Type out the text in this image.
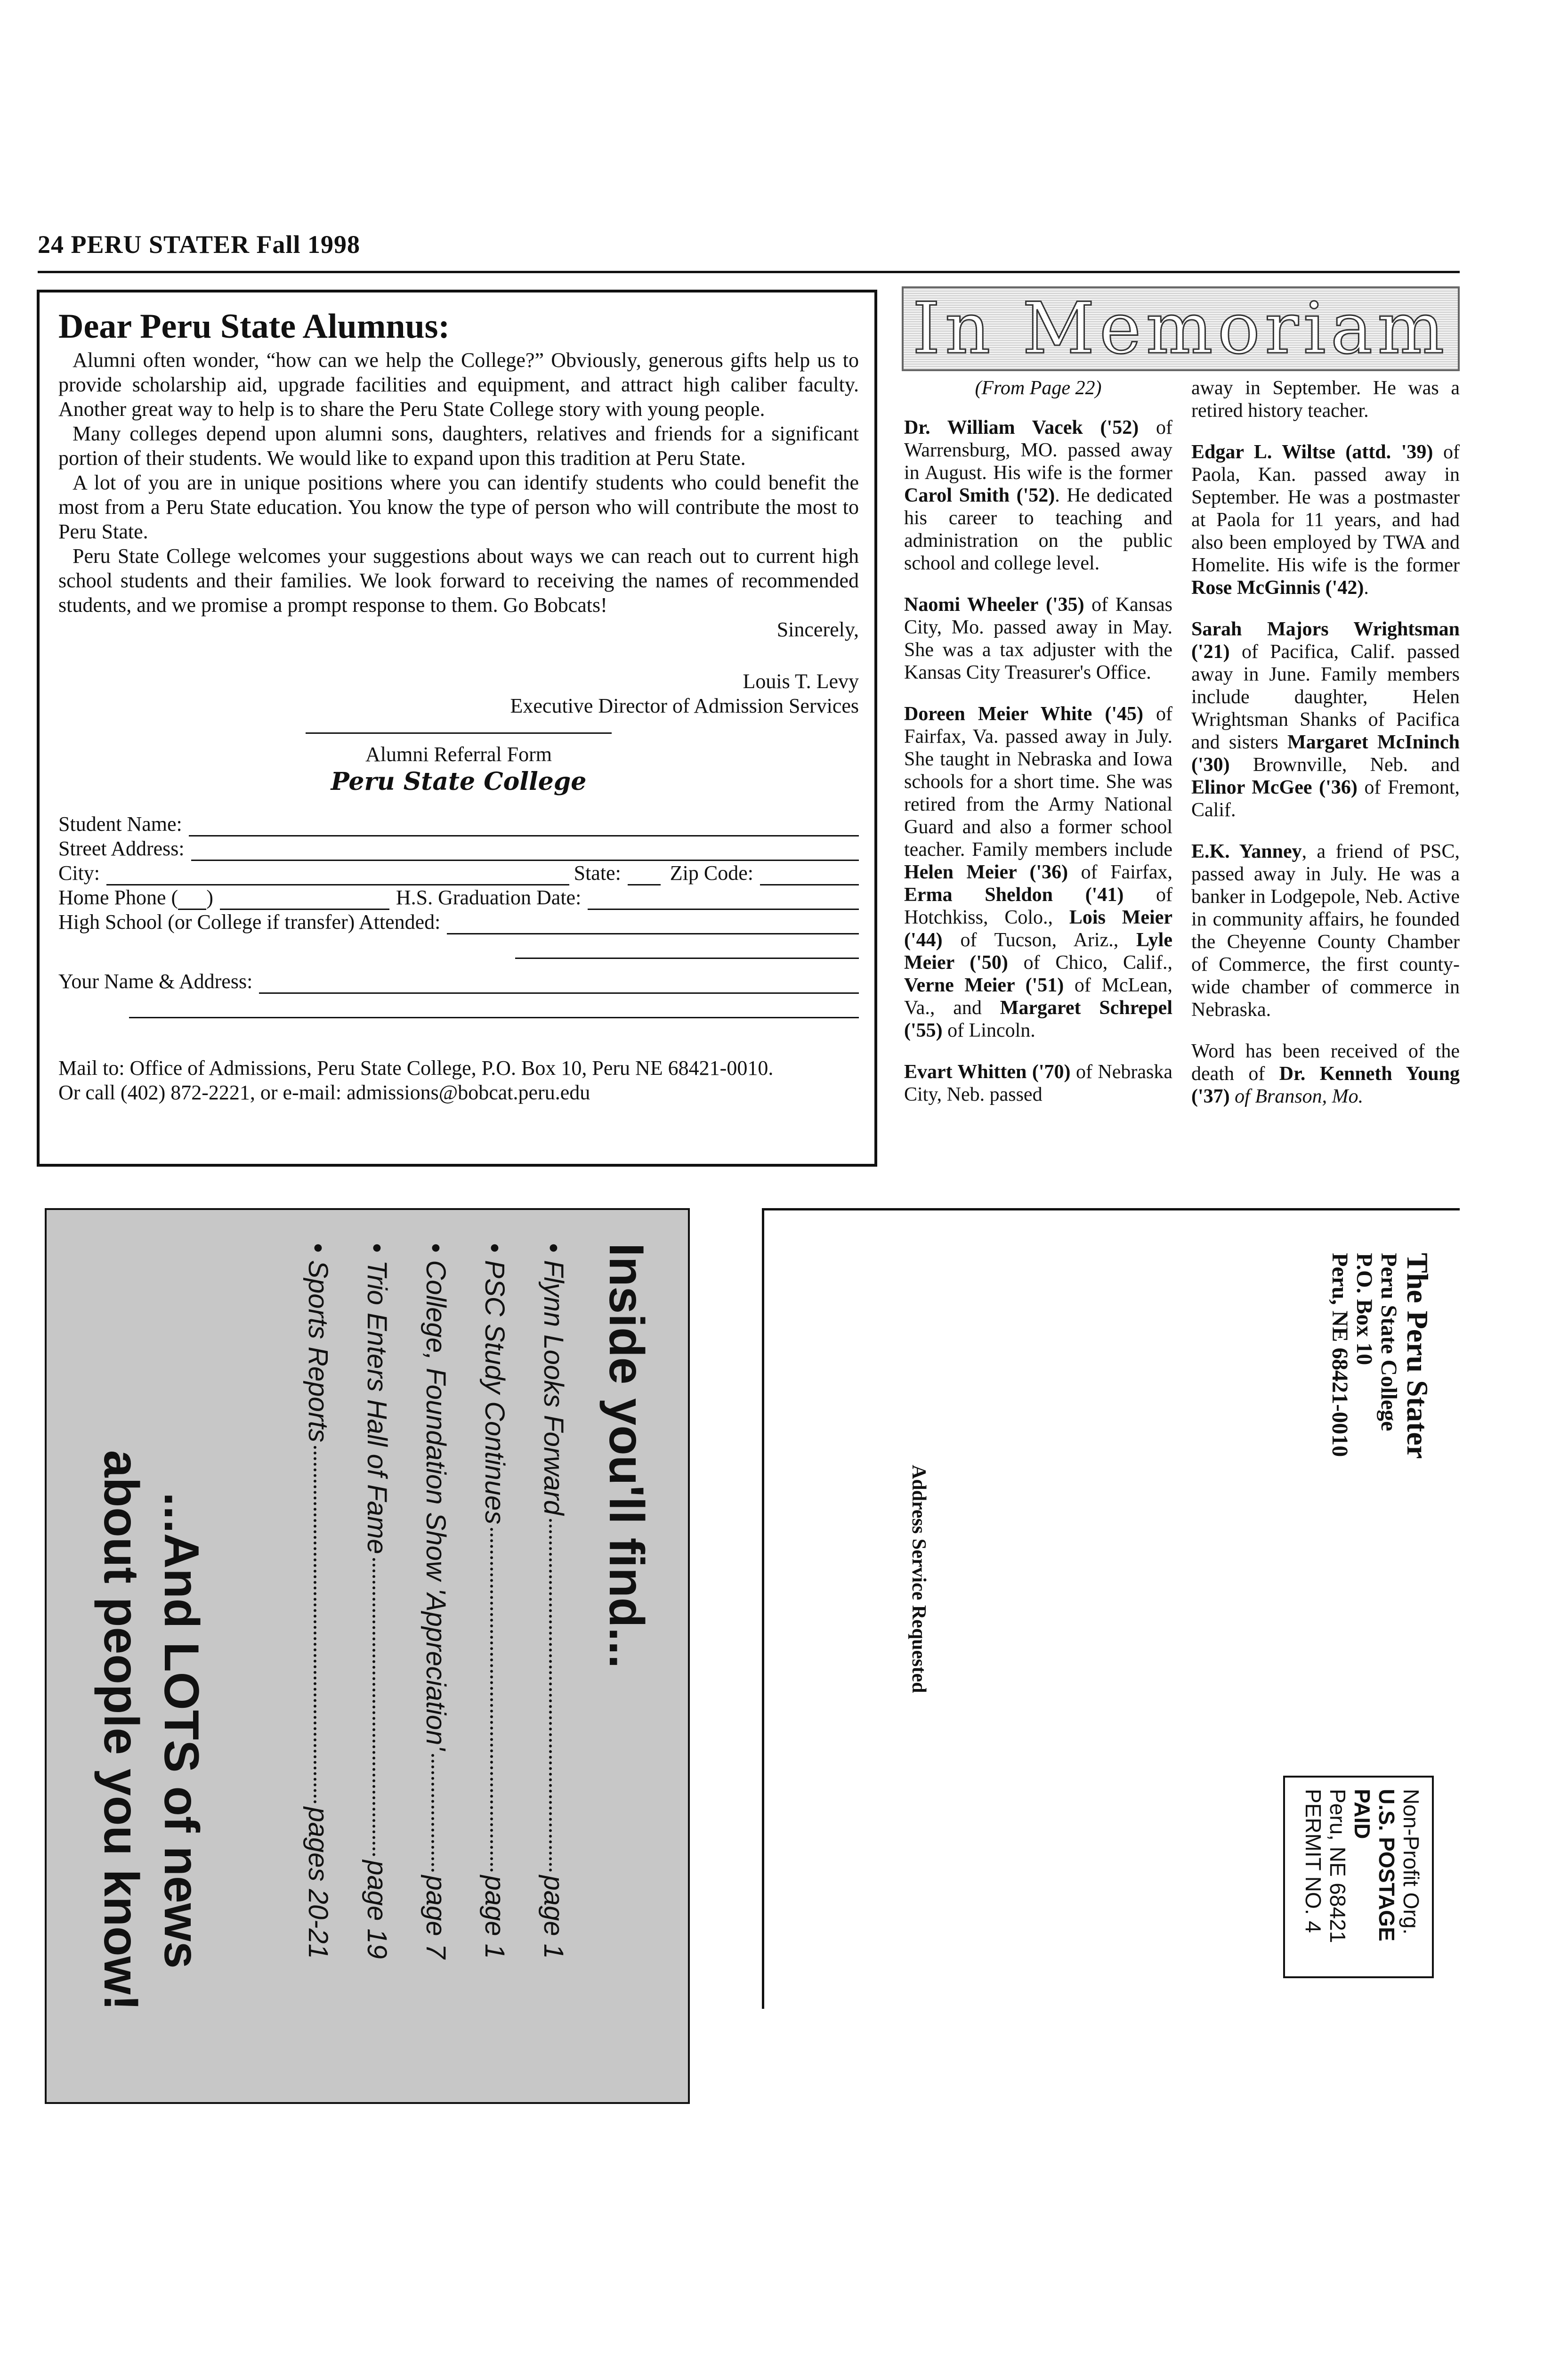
24 PERU STATER Fall 1998
Dear Peru State Alumnus:

Alumni often wonder, “how can we help the College?” Obviously, generous gifts help us to provide scholarship aid, upgrade facilities and equipment, and attract high caliber faculty. Another great way to help is to share the Peru State College story with young people.

Many colleges depend upon alumni sons, daughters, relatives and friends for a significant portion of their students. We would like to expand upon this tradition at Peru State.

A lot of you are in unique positions where you can identify students who could benefit the most from a Peru State education. You know the type of person who will contribute the most to Peru State.

Peru State College welcomes your suggestions about ways we can reach out to current high school students and their families. We look forward to receiving the names of recommended students, and we promise a prompt response to them. Go Bobcats!

Sincerely,

Louis T. Levy

Executive Director of Admission Services

Alumni Referral Form

Peru State College
Student Name:
Street Address:
City:	State: Zip Code:
Home Phone ( )	H.S. Graduation Date:
High School (or College if transfer) Attended:
Your Name & Address:

Mail to: Office of Admissions, Peru State College, P.O. Box 10, Peru NE 68421-0010.

Or call (402) 872-2221, or e-mail: admissions@bobcat.peru.edu

In Memoriam

(From Page 22)

Dr. William Vacek ('52) of Warrensburg, MO. passed away in August. His wife is the former Carol Smith ('52). He dedicated his career to teaching and administration on the public school and college level.

Naomi Wheeler ('35) of Kansas City, Mo. passed away in May. She was a tax adjuster with the Kansas City Treasurer's Office.

Doreen Meier White ('45) of Fairfax, Va. passed away in July. She taught in Nebraska and Iowa schools for a short time. She was retired from the Army National Guard and also a former school teacher. Family members include Helen Meier ('36) of Fairfax, Erma Sheldon ('41) of Hotchkiss, Colo., Lois Meier ('44) of Tucson, Ariz., Lyle Meier ('50) of Chico, Calif., Verne Meier ('51) of McLean, Va., and Margaret Schrepel ('55) of Lincoln.

Evart Whitten ('70) of Nebraska City, Neb. passed

away in September. He was a retired history teacher.

Edgar L. Wiltse (attd. '39) of Paola, Kan. passed away in September. He was a postmaster at Paola for 11 years, and had also been employed by TWA and Homelite. His wife is the former Rose McGinnis ('42).

Sarah Majors Wrightsman ('21) of Pacifica, Calif. passed away in June. Family members include daughter, Helen Wrightsman Shanks of Pacifica and sisters Margaret McIninch ('30) Brownville, Neb. and Elinor McGee ('36) of Fremont, Calif.

E.K. Yanney, a friend of PSC, passed away in July. He was a banker in Lodgepole, Neb. Active in community affairs, he founded the Cheyenne County Chamber of Commerce, the first county-wide chamber of commerce in Nebraska.

Word has been received of the death of Dr. Kenneth Young ('37) of Branson, Mo.

Inside you'll find...
• Flynn Looks Forward
page 1
• PSC Study Continues
page 1
• College, Foundation Show 'Appreciation'
page 7
• Trio Enters Hall of Fame
page 19
• Sports Reports
pages 20-21
...And LOTS of news
about people you know!
The Peru Stater
Peru State College
P.O. Box 10
Peru, NE 68421-0010
Non-Profit Org.
U.S. POSTAGE
PAID
Peru, NE 68421
PERMIT NO. 4
Address Service Requested
